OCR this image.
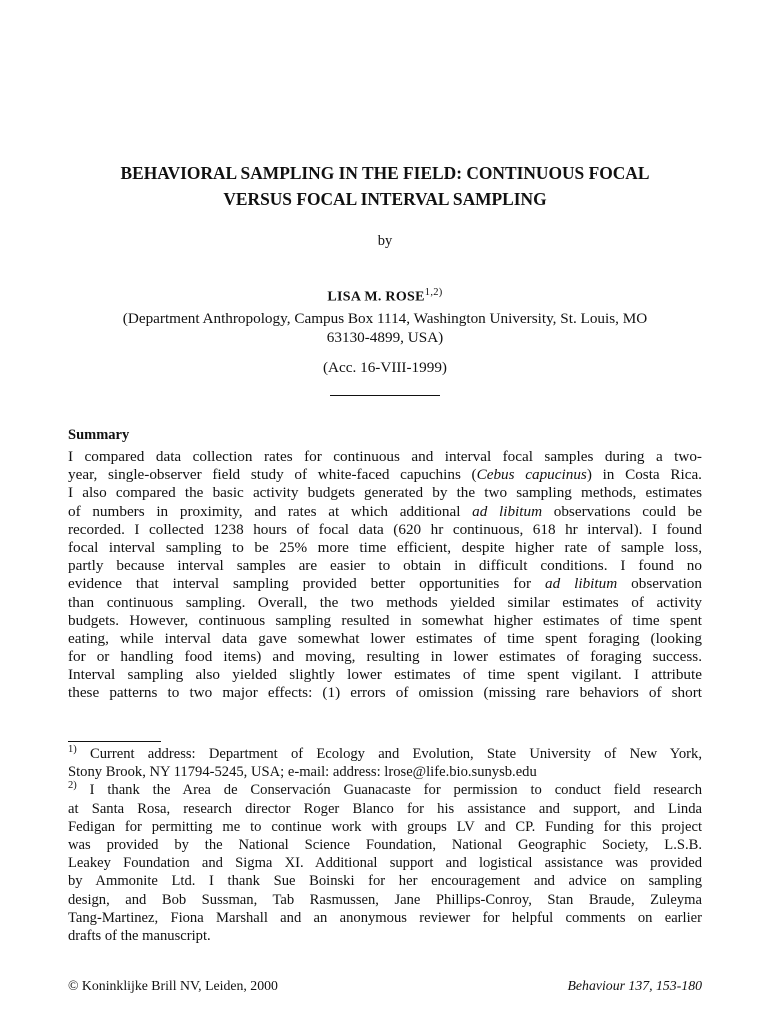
BEHAVIORAL SAMPLING IN THE FIELD: CONTINUOUS FOCAL
VERSUS FOCAL INTERVAL SAMPLING
by
LISA M. ROSE$^{1,2)}$
(Department Anthropology, Campus Box 1114, Washington University, St. Louis, MO
63130-4899, USA)
(Acc. 16-VIII-1999)
Summary
I compared data collection rates for continuous and interval focal samples during a two-
year, single-observer field study of white-faced capuchins (Cebus capucinus) in Costa Rica.
I also compared the basic activity budgets generated by the two sampling methods, estimates
of numbers in proximity, and rates at which additional ad libitum observations could be
recorded. I collected 1238 hours of focal data (620 hr continuous, 618 hr interval). I found
focal interval sampling to be 25% more time efficient, despite higher rate of sample loss,
partly because interval samples are easier to obtain in difficult conditions. I found no
evidence that interval sampling provided better opportunities for ad libitum observation
than continuous sampling. Overall, the two methods yielded similar estimates of activity
budgets. However, continuous sampling resulted in somewhat higher estimates of time spent
eating, while interval data gave somewhat lower estimates of time spent foraging (looking
for or handling food items) and moving, resulting in lower estimates of foraging success.
Interval sampling also yielded slightly lower estimates of time spent vigilant. I attribute
these patterns to two major effects: (1) errors of omission (missing rare behaviors of short
$^{1)}$ Current address: Department of Ecology and Evolution, State University of New York,
Stony Brook, NY 11794-5245, USA; e-mail: address: lrose@life.bio.sunysb.edu
$^{2)}$ I thank the Area de Conservación Guanacaste for permission to conduct field research
at Santa Rosa, research director Roger Blanco for his assistance and support, and Linda
Fedigan for permitting me to continue work with groups LV and CP. Funding for this project
was provided by the National Science Foundation, National Geographic Society, L.S.B.
Leakey Foundation and Sigma XI. Additional support and logistical assistance was provided
by Ammonite Ltd. I thank Sue Boinski for her encouragement and advice on sampling
design, and Bob Sussman, Tab Rasmussen, Jane Phillips-Conroy, Stan Braude, Zuleyma
Tang-Martinez, Fiona Marshall and an anonymous reviewer for helpful comments on earlier
drafts of the manuscript.
© Koninklijke Brill NV, Leiden, 2000	Behaviour 137, 153-180
